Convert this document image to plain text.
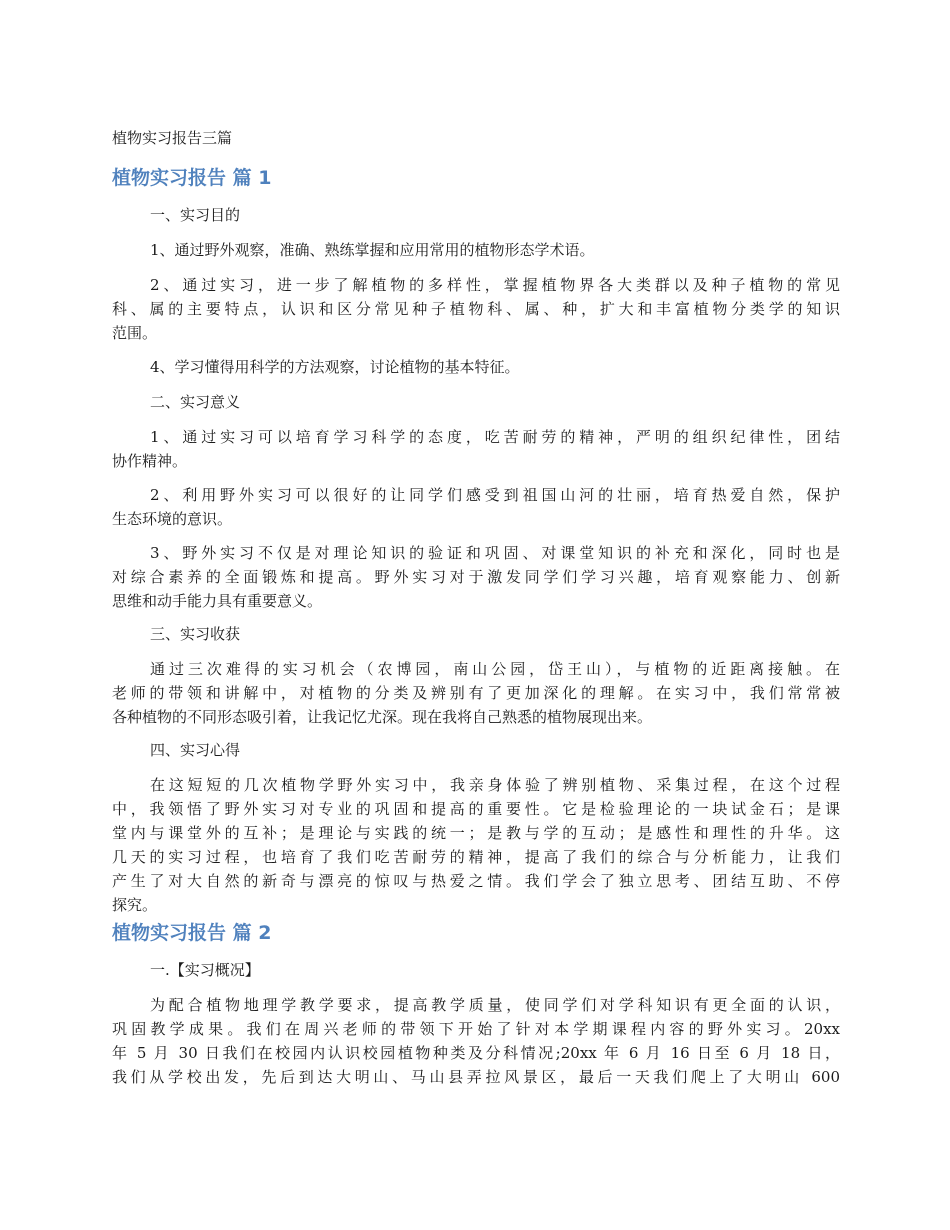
植物实习报告三篇
植物实习报告 篇 1
一、实习目的
1、通过野外观察，准确、熟练掌握和应用常用的植物形态学术语。

2、通过实习，进一步了解植物的多样性，掌握植物界各大类群以及种子植物的常见
科、属的主要特点，认识和区分常见种子植物科、属、种，扩大和丰富植物分类学的知识
范围。

4、学习懂得用科学的方法观察，讨论植物的基本特征。
二、实习意义

1、通过实习可以培育学习科学的态度，吃苦耐劳的精神，严明的组织纪律性，团结
协作精神。

2、利用野外实习可以很好的让同学们感受到祖国山河的壮丽，培育热爱自然，保护
生态环境的意识。

3、野外实习不仅是对理论知识的验证和巩固、对课堂知识的补充和深化，同时也是
对综合素养的全面锻炼和提高。野外实习对于激发同学们学习兴趣，培育观察能力、创新
思维和动手能力具有重要意义。

三、实习收获

通过三次难得的实习机会（农博园，南山公园，岱王山），与植物的近距离接触。在
老师的带领和讲解中，对植物的分类及辨别有了更加深化的理解。在实习中，我们常常被
各种植物的不同形态吸引着，让我记忆尤深。现在我将自己熟悉的植物展现出来。

四、实习心得

在这短短的几次植物学野外实习中，我亲身体验了辨别植物、采集过程，在这个过程
中，我领悟了野外实习对专业的巩固和提高的重要性。它是检验理论的一块试金石；是课
堂内与课堂外的互补；是理论与实践的统一；是教与学的互动；是感性和理性的升华。这
几天的实习过程，也培育了我们吃苦耐劳的精神，提高了我们的综合与分析能力，让我们
产生了对大自然的新奇与漂亮的惊叹与热爱之情。我们学会了独立思考、团结互助、不停
探究。

植物实习报告 篇 2
一.【实习概况】

为配合植物地理学教学要求，提高教学质量，使同学们对学科知识有更全面的认识，
巩固教学成果。我们在周兴老师的带领下开始了针对本学期课程内容的野外实习。20xx
年 5 月 30 日我们在校园内认识校园植物种类及分科情况;20xx 年 6 月 16 日至 6 月 18 日，
我们从学校出发，先后到达大明山、马山县弄拉风景区，最后一天我们爬上了大明山 600
